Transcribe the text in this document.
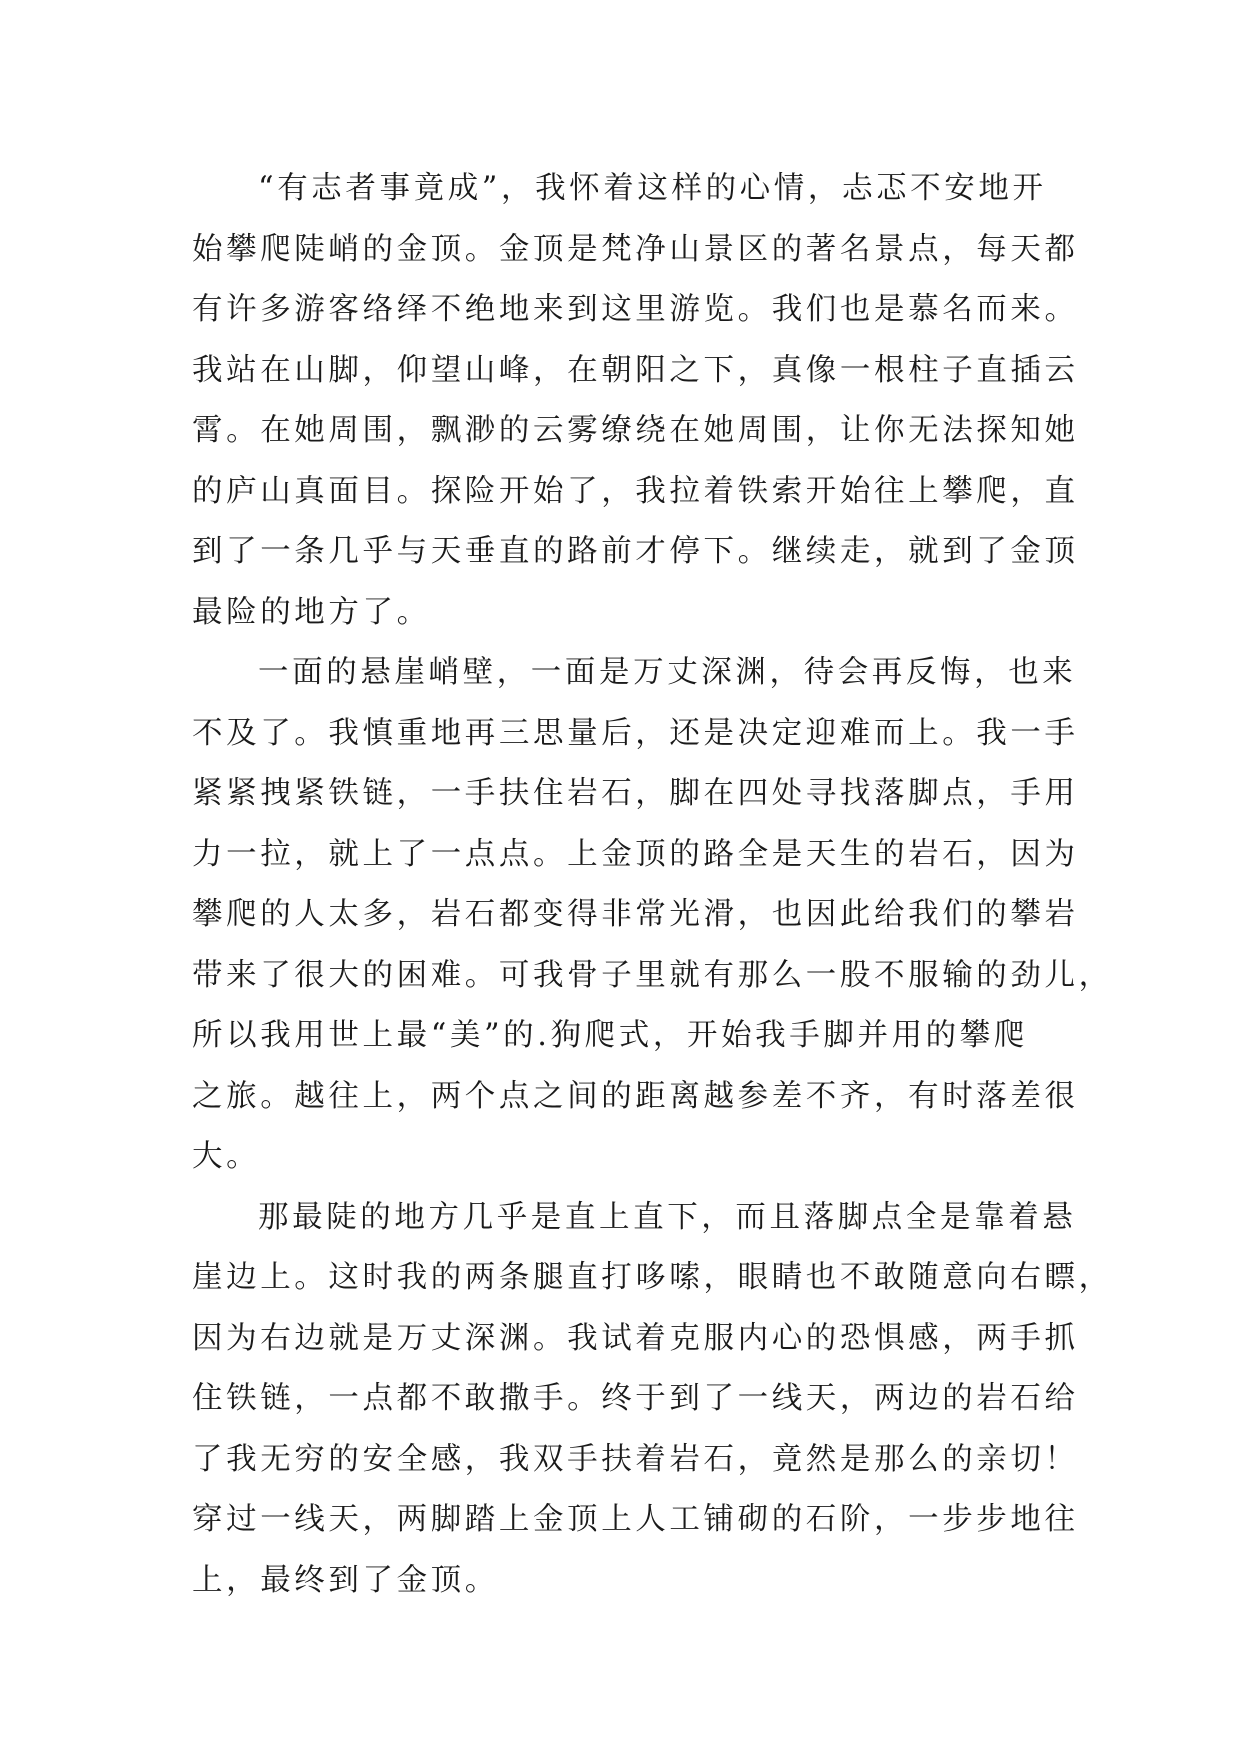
“有志者事竟成”，我怀着这样的心情，忐忑不安地开
始攀爬陡峭的金顶。金顶是梵净山景区的著名景点，每天都
有许多游客络绎不绝地来到这里游览。我们也是慕名而来。
我站在山脚，仰望山峰，在朝阳之下，真像一根柱子直插云
霄。在她周围，飘渺的云雾缭绕在她周围，让你无法探知她
的庐山真面目。探险开始了，我拉着铁索开始往上攀爬，直
到了一条几乎与天垂直的路前才停下。继续走，就到了金顶
最险的地方了。
一面的悬崖峭壁，一面是万丈深渊，待会再反悔，也来
不及了。我慎重地再三思量后，还是决定迎难而上。我一手
紧紧拽紧铁链，一手扶住岩石，脚在四处寻找落脚点，手用
力一拉，就上了一点点。上金顶的路全是天生的岩石，因为
攀爬的人太多，岩石都变得非常光滑，也因此给我们的攀岩
带来了很大的困难。可我骨子里就有那么一股不服输的劲儿，
所以我用世上最“美”的.狗爬式，开始我手脚并用的攀爬
之旅。越往上，两个点之间的距离越参差不齐，有时落差很
大。
那最陡的地方几乎是直上直下，而且落脚点全是靠着悬
崖边上。这时我的两条腿直打哆嗦，眼睛也不敢随意向右瞟，
因为右边就是万丈深渊。我试着克服内心的恐惧感，两手抓
住铁链，一点都不敢撒手。终于到了一线天，两边的岩石给
了我无穷的安全感，我双手扶着岩石，竟然是那么的亲切！
穿过一线天，两脚踏上金顶上人工铺砌的石阶，一步步地往
上，最终到了金顶。
